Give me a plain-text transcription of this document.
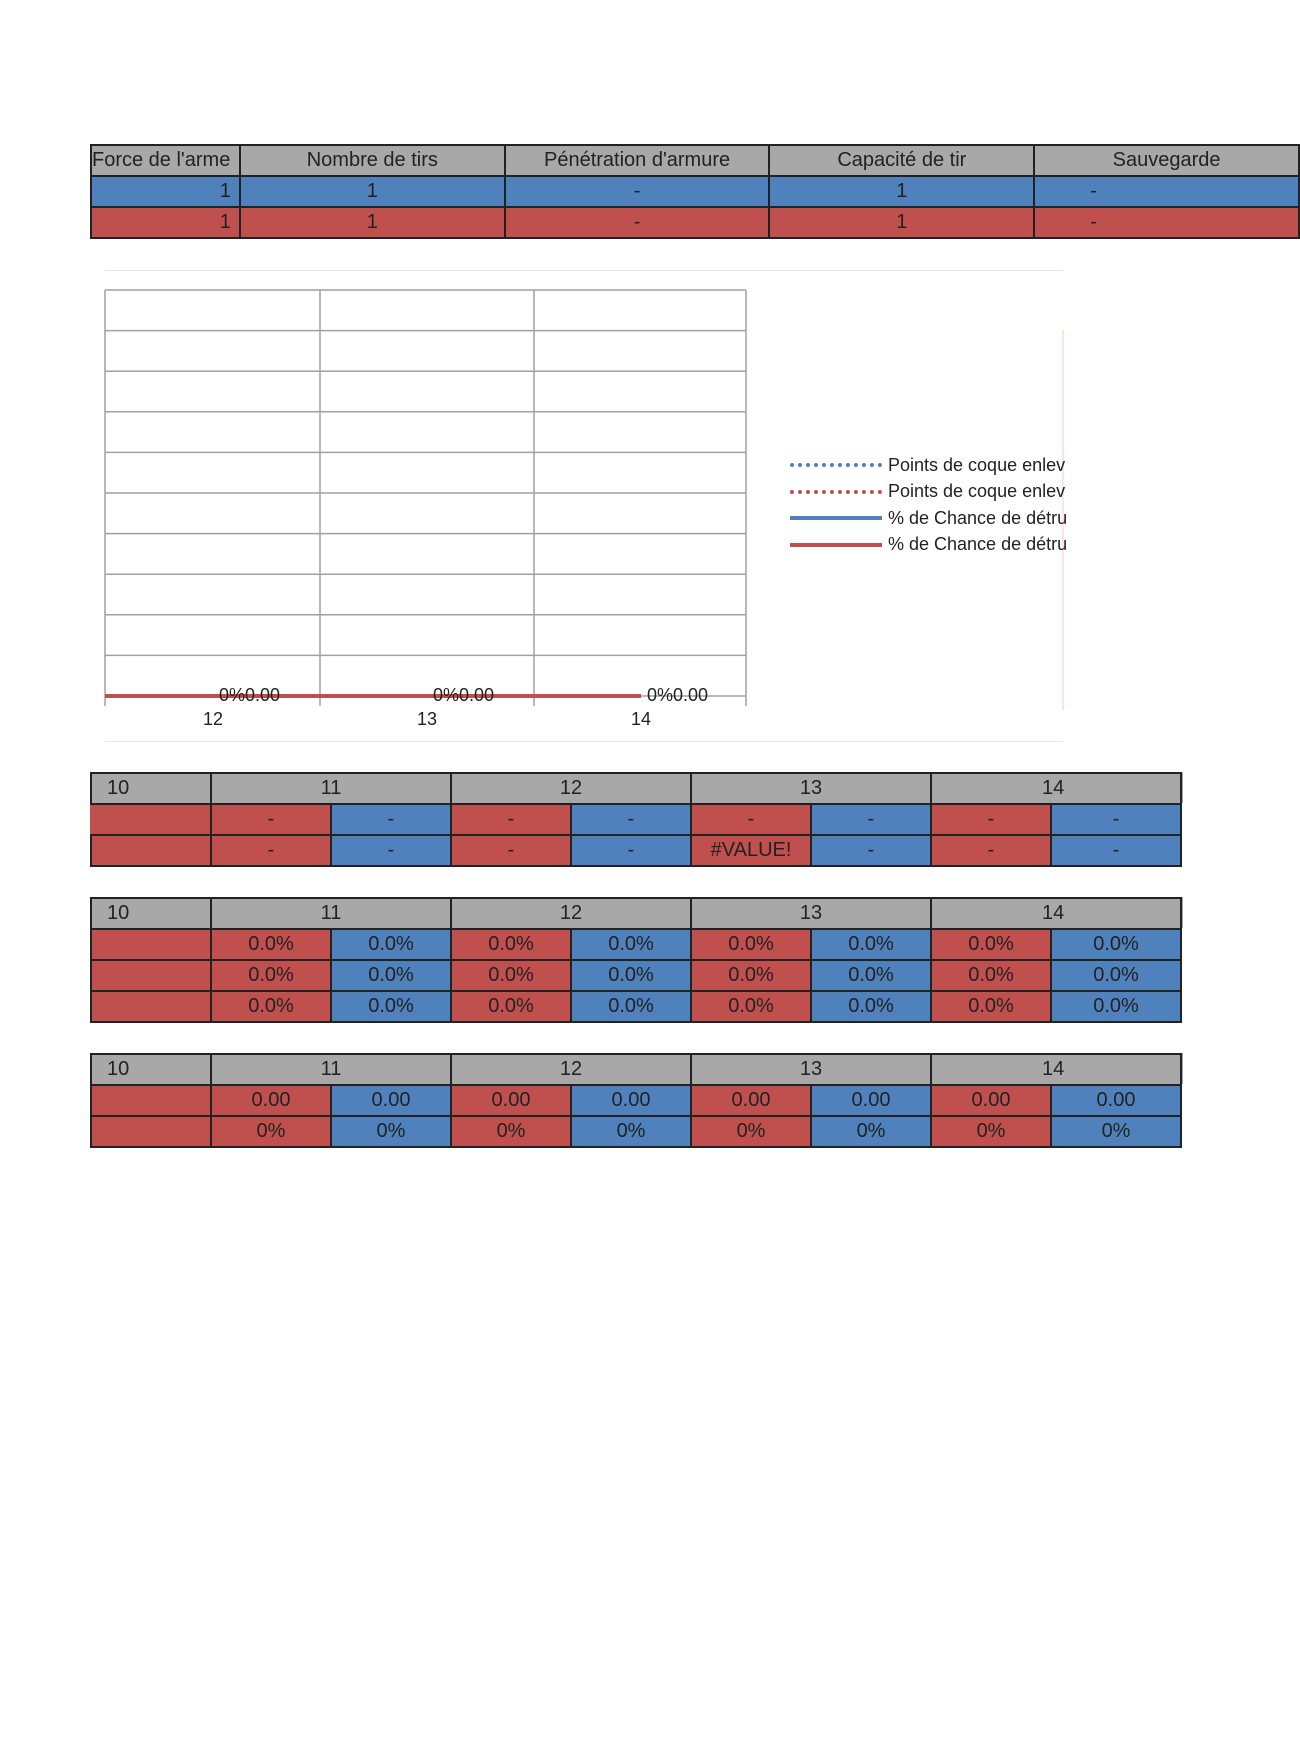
Force de l'arme	Nombre de tirs	Pénétration d'armure	Capacité de tir	Sauvegarde
1	1	-	1	-
1	1	-	1	-
12	13	14
0%0.00	0%0.00	0%0.00
Points de coque enlev
Points de coque enlev
% de Chance de détru
% de Chance de détru
10	11		12		13		14	
	-	-	-	-	-	-	-	-
	-	-	-	-	#VALUE!	-	-	-
10	11		12		13		14	
	0.0%	0.0%	0.0%	0.0%	0.0%	0.0%	0.0%	0.0%
	0.0%	0.0%	0.0%	0.0%	0.0%	0.0%	0.0%	0.0%
	0.0%	0.0%	0.0%	0.0%	0.0%	0.0%	0.0%	0.0%
10	11		12		13		14	
	0.00	0.00	0.00	0.00	0.00	0.00	0.00	0.00
	0%	0%	0%	0%	0%	0%	0%	0%
